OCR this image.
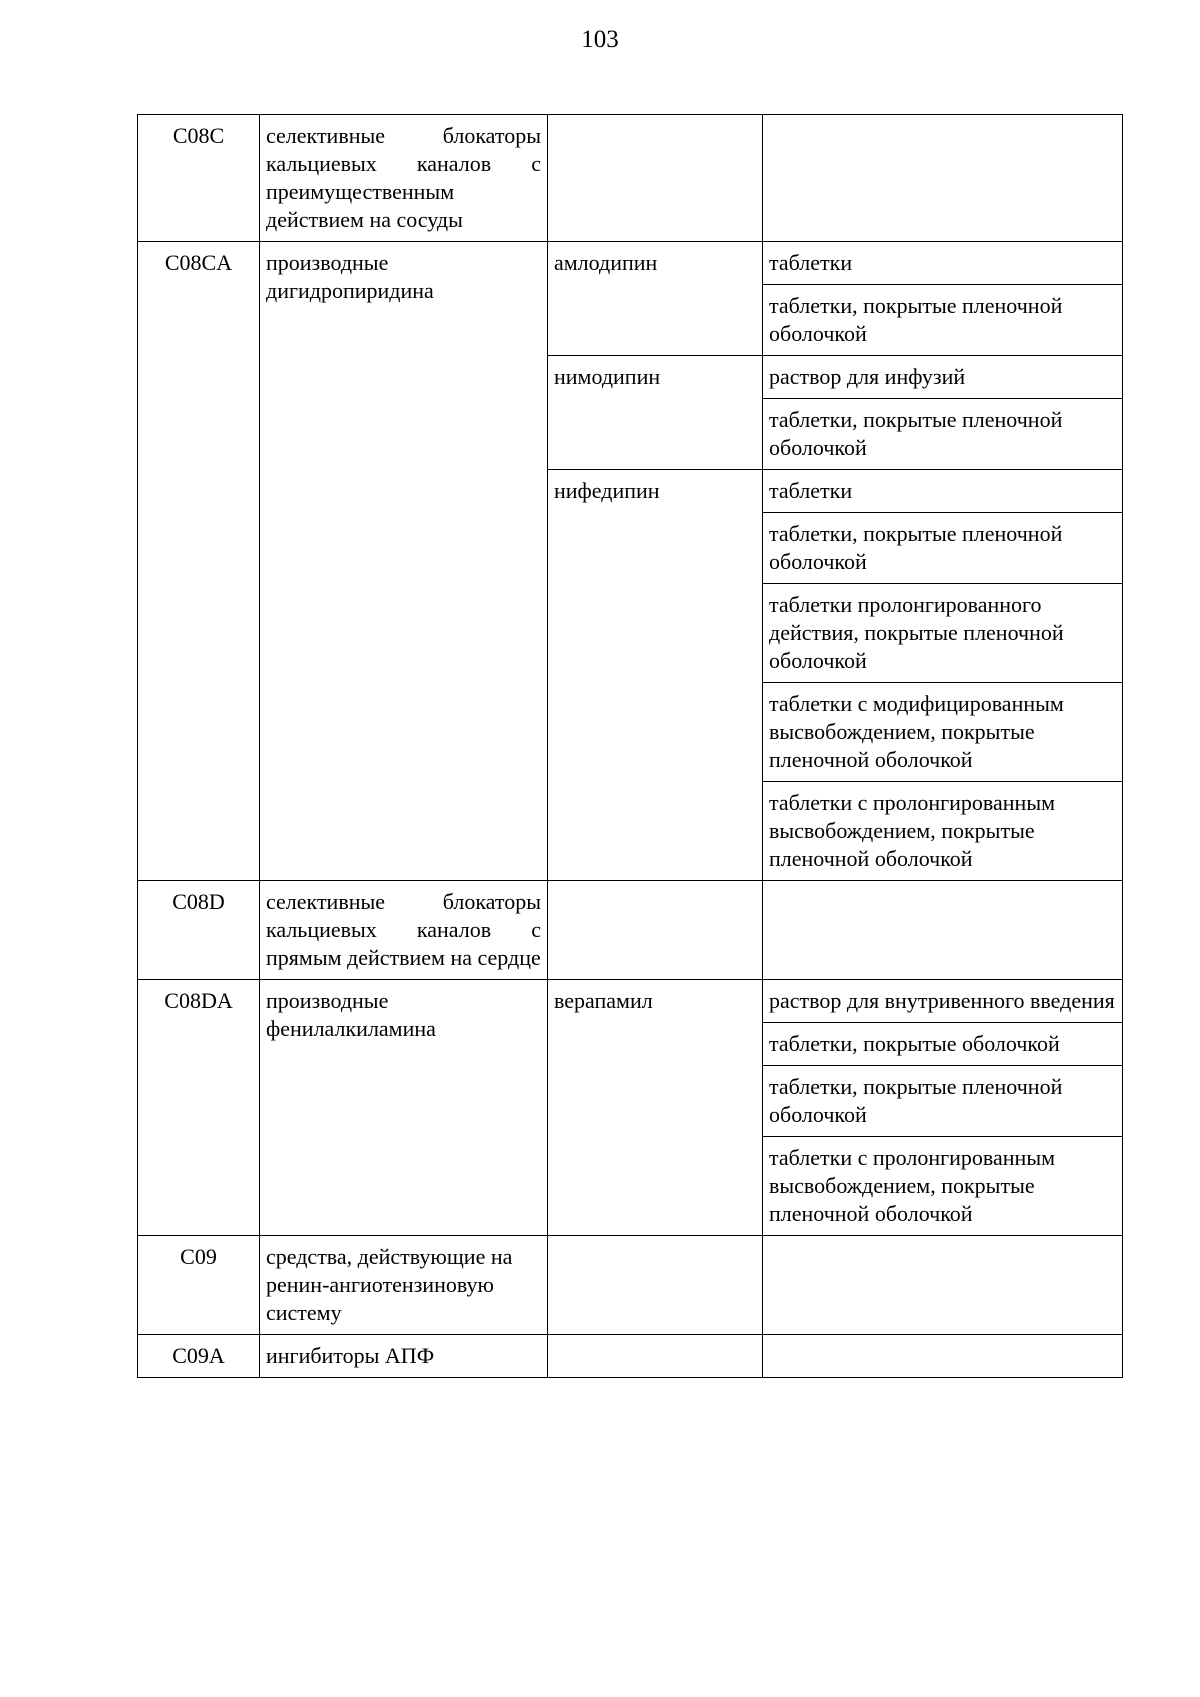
103
C08C	селективные блокаторы кальциевых каналов с преимущественным действием на сосуды		
C08CA	производные дигидропиридина	амлодипин	таблетки
			таблетки, покрытые пленочной оболочкой
		нимодипин	раствор для инфузий
			таблетки, покрытые пленочной оболочкой
		нифедипин	таблетки
			таблетки, покрытые пленочной оболочкой
			таблетки пролонгированного действия, покрытые пленочной оболочкой
			таблетки с модифицированным высвобождением, покрытые пленочной оболочкой
			таблетки с пролонгированным высвобождением, покрытые пленочной оболочкой
C08D	селективные блокаторы кальциевых каналов с прямым действием на сердце		
C08DA	производные фенилалкиламина	верапамил	раствор для внутривенного введения
			таблетки, покрытые оболочкой
			таблетки, покрытые пленочной оболочкой
			таблетки с пролонгированным высвобождением, покрытые пленочной оболочкой
C09	средства, действующие на ренин-ангиотензиновую систему		
C09A	ингибиторы АПФ		
